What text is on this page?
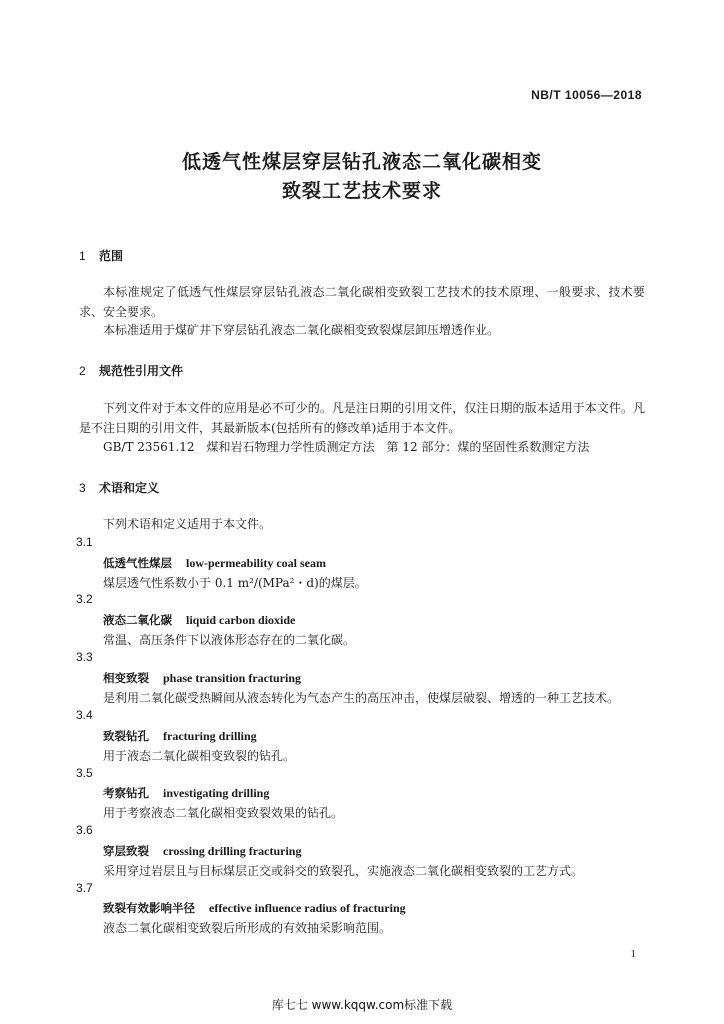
NB/T 10056—2018
低透气性煤层穿层钻孔液态二氧化碳相变
致裂工艺技术要求
1 范围
本标准规定了低透气性煤层穿层钻孔液态二氧化碳相变致裂工艺技术的技术原理、一般要求、技术要求、安全要求。
本标准适用于煤矿井下穿层钻孔液态二氧化碳相变致裂煤层卸压增透作业。
2 规范性引用文件
下列文件对于本文件的应用是必不可少的。凡是注日期的引用文件，仅注日期的版本适用于本文件。凡是不注日期的引用文件，其最新版本(包括所有的修改单)适用于本文件。
GB/T 23561.12　煤和岩石物理力学性质测定方法　第 12 部分：煤的坚固性系数测定方法
3 术语和定义
下列术语和定义适用于本文件。
3.1
低透气性煤层 low-permeability coal seam
煤层透气性系数小于 0.1 m²/(MPa²・d)的煤层。
3.2
液态二氧化碳 liquid carbon dioxide
常温、高压条件下以液体形态存在的二氧化碳。
3.3
相变致裂 phase transition fracturing
是利用二氧化碳受热瞬间从液态转化为气态产生的高压冲击，使煤层破裂、增透的一种工艺技术。
3.4
致裂钻孔 fracturing drilling
用于液态二氧化碳相变致裂的钻孔。
3.5
考察钻孔 investigating drilling
用于考察液态二氧化碳相变致裂效果的钻孔。
3.6
穿层致裂 crossing drilling fracturing
采用穿过岩层且与目标煤层正交或斜交的致裂孔，实施液态二氧化碳相变致裂的工艺方式。
3.7
致裂有效影响半径 effective influence radius of fracturing
液态二氧化碳相变致裂后所形成的有效抽采影响范围。
1
库七七 www.kqqw.com标准下载
